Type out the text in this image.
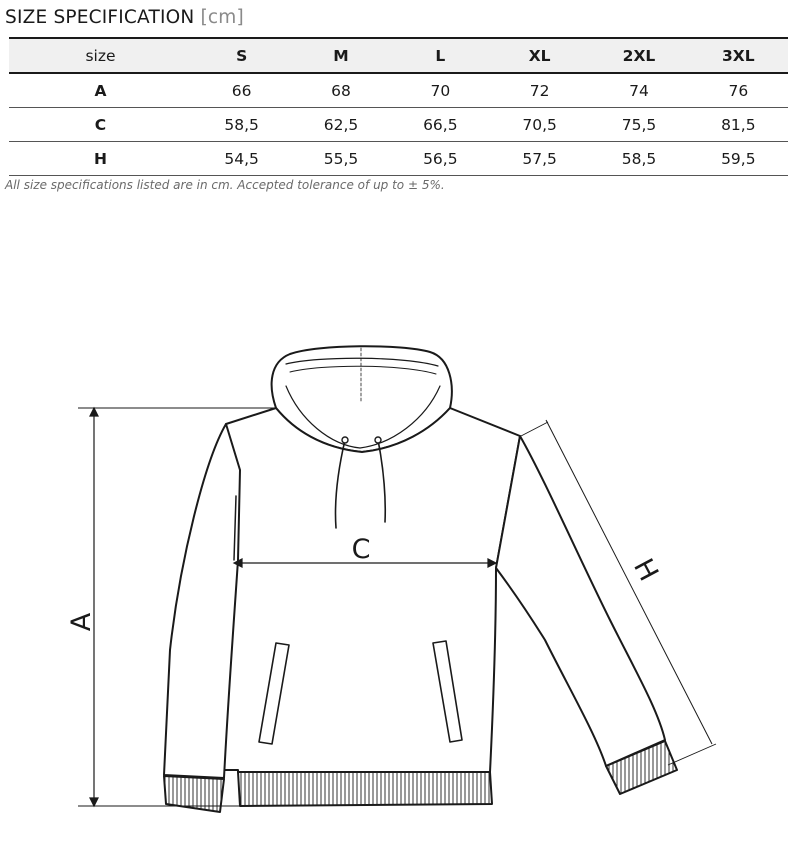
SIZE SPECIFICATION [cm]
size	S	M	L	XL	2XL	3XL
A	66	68	70	72	74	76
C	58,5	62,5	66,5	70,5	75,5	81,5
H	54,5	55,5	56,5	57,5	58,5	59,5
All size specifications listed are in cm. Accepted tolerance of up to ± 5%.
A
C
H
